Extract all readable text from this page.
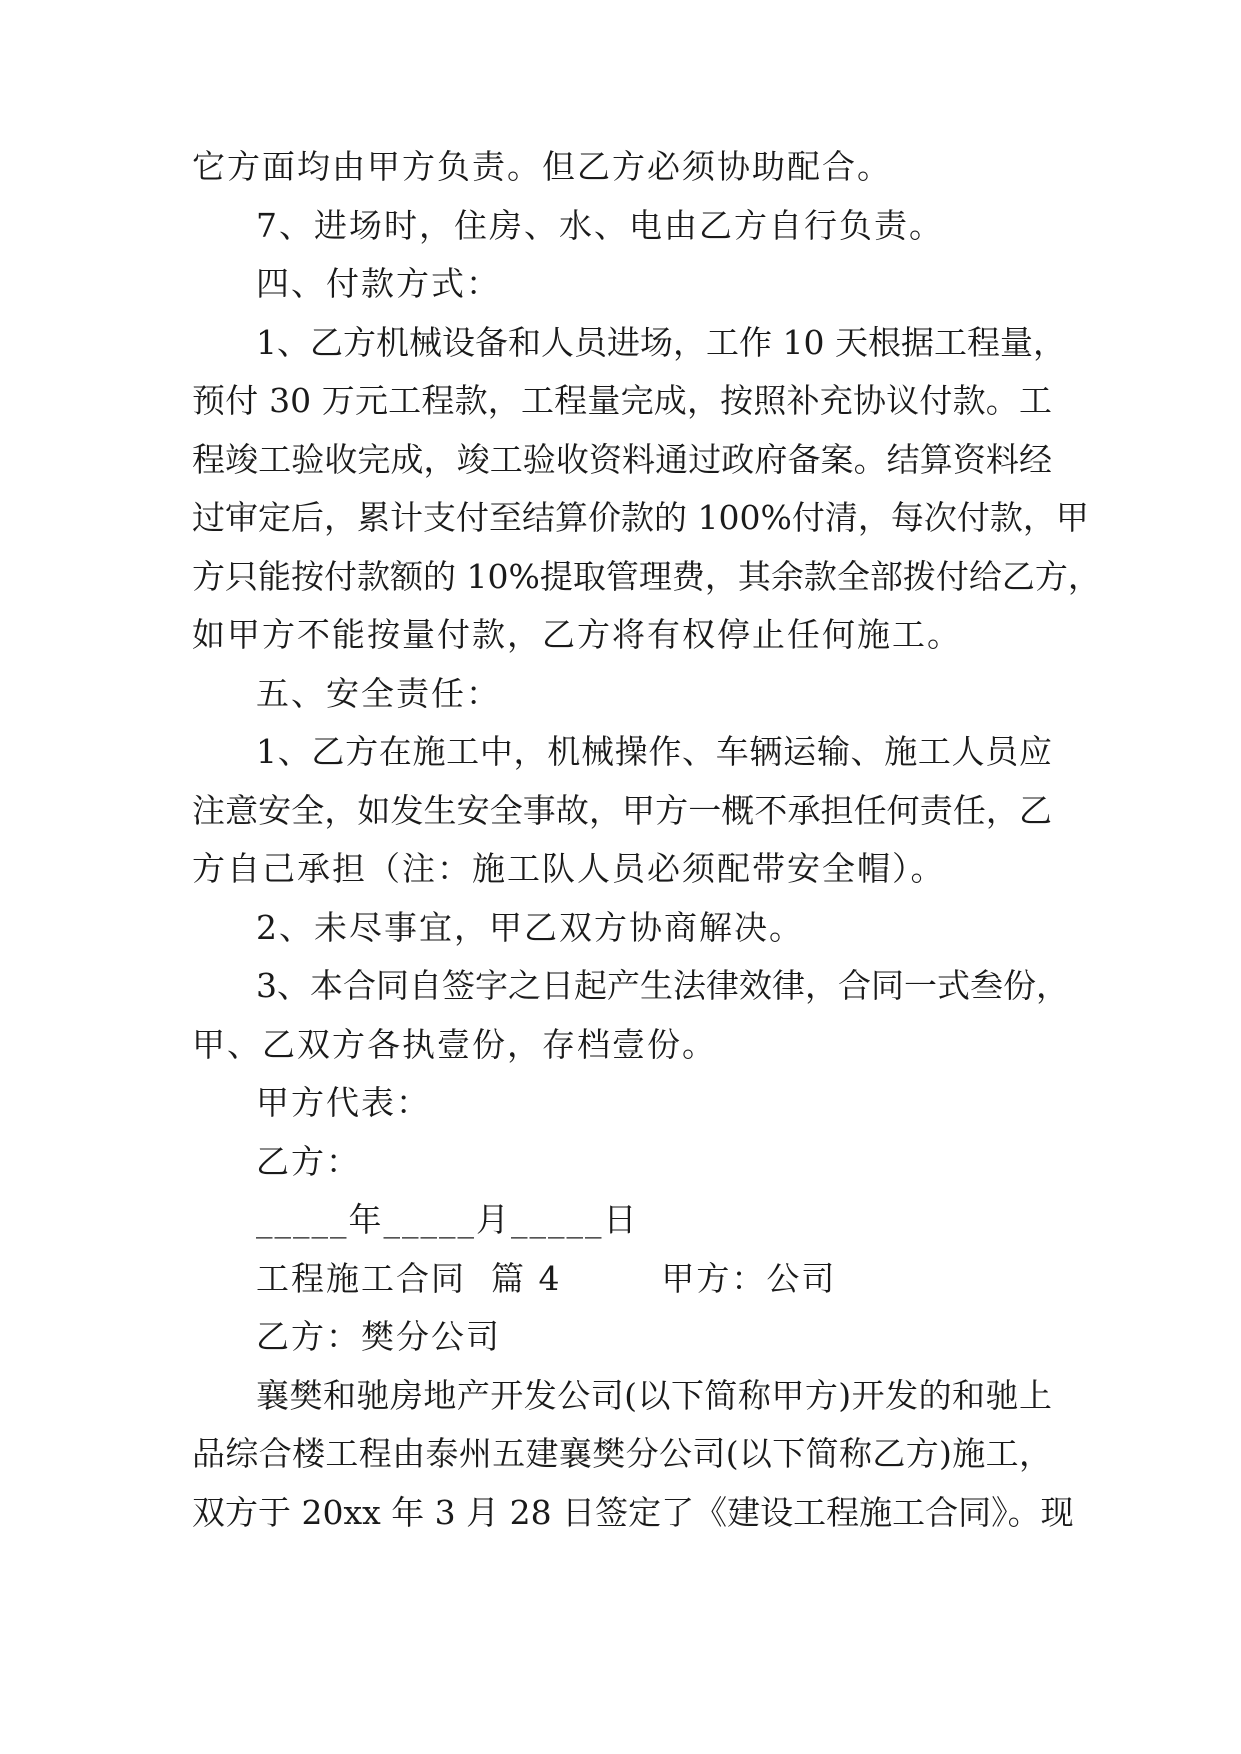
它方面均由甲方负责。但乙方必须协助配合。
7、进场时，住房、水、电由乙方自行负责。
四、付款方式：
1、乙方机械设备和人员进场，工作 10 天根据工程量，
预付 30 万元工程款，工程量完成，按照补充协议付款。工
程竣工验收完成，竣工验收资料通过政府备案。结算资料经
过审定后，累计支付至结算价款的 100%付清，每次付款，甲
方只能按付款额的 10%提取管理费，其余款全部拨付给乙方，
如甲方不能按量付款，乙方将有权停止任何施工。
五、安全责任：
1、乙方在施工中，机械操作、车辆运输、施工人员应
注意安全，如发生安全事故，甲方一概不承担任何责任，乙
方自己承担（注：施工队人员必须配带安全帽）。
2、未尽事宜，甲乙双方协商解决。
3、本合同自签字之日起产生法律效律，合同一式叁份，
甲、乙双方各执壹份，存档壹份。
甲方代表：
乙方：
_____年_____月_____日
工程施工合同  篇 4        甲方：公司
乙方：樊分公司
襄樊和驰房地产开发公司(以下简称甲方)开发的和驰上
品综合楼工程由泰州五建襄樊分公司(以下简称乙方)施工，
双方于 20xx 年 3 月 28 日签定了《建设工程施工合同》。现
